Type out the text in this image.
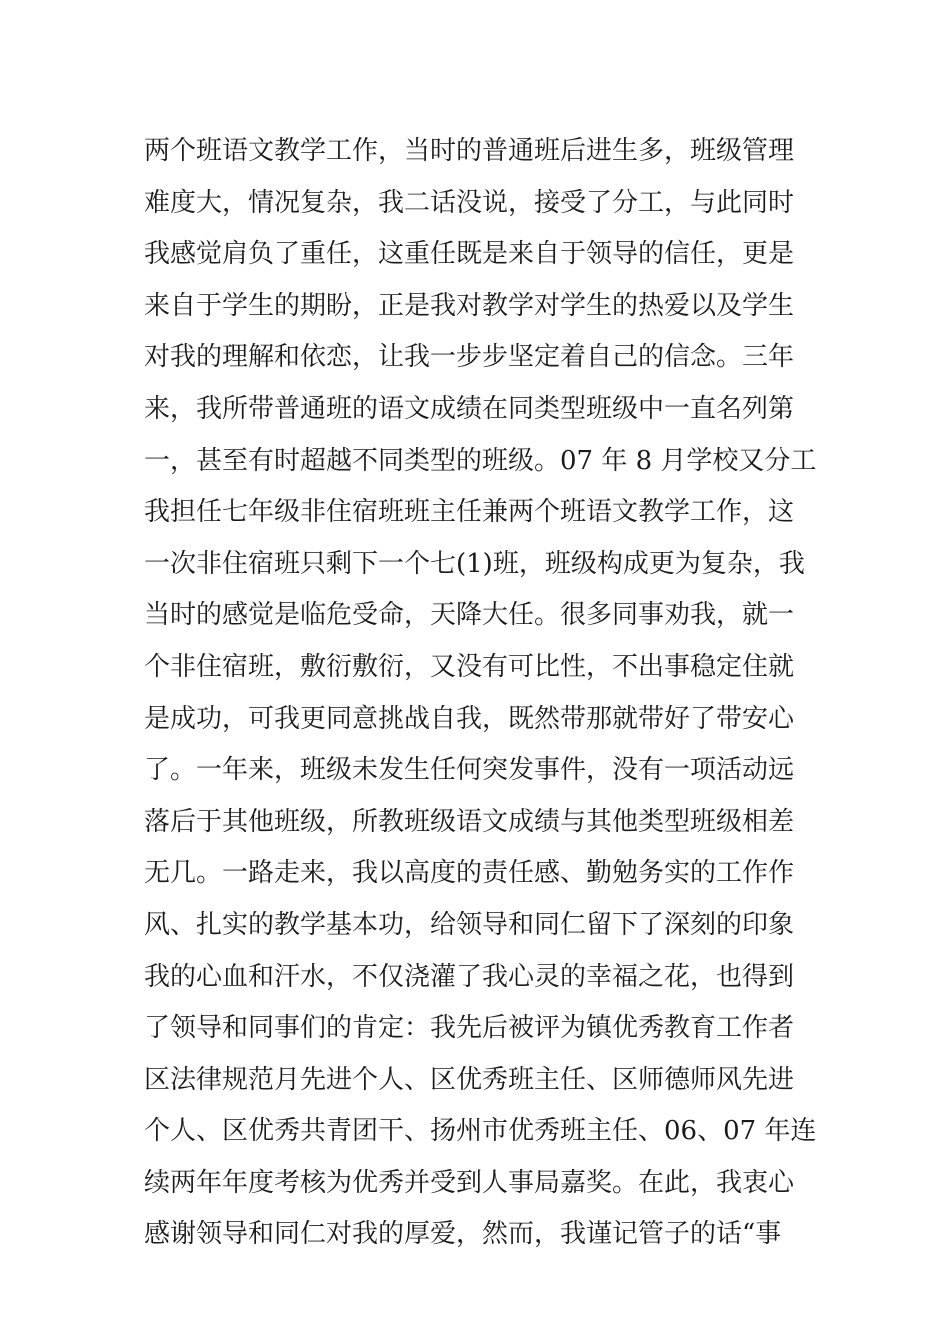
两个班语文教学工作，当时的普通班后进生多，班级管理
难度大，情况复杂，我二话没说，接受了分工，与此同时
我感觉肩负了重任，这重任既是来自于领导的信任，更是
来自于学生的期盼，正是我对教学对学生的热爱以及学生
对我的理解和依恋，让我一步步坚定着自己的信念。三年
来，我所带普通班的语文成绩在同类型班级中一直名列第
一，甚至有时超越不同类型的班级。07 年 8 月学校又分工
我担任七年级非住宿班班主任兼两个班语文教学工作，这
一次非住宿班只剩下一个七(1)班，班级构成更为复杂，我
当时的感觉是临危受命，天降大任。很多同事劝我，就一
个非住宿班，敷衍敷衍，又没有可比性，不出事稳定住就
是成功，可我更同意挑战自我，既然带那就带好了带安心
了。一年来，班级未发生任何突发事件，没有一项活动远
落后于其他班级，所教班级语文成绩与其他类型班级相差
无几。一路走来，我以高度的责任感、勤勉务实的工作作
风、扎实的教学基本功，给领导和同仁留下了深刻的印象
我的心血和汗水，不仅浇灌了我心灵的幸福之花，也得到
了领导和同事们的肯定：我先后被评为镇优秀教育工作者
区法律规范月先进个人、区优秀班主任、区师德师风先进
个人、区优秀共青团干、扬州市优秀班主任、06、07 年连
续两年年度考核为优秀并受到人事局嘉奖。在此，我衷心
感谢领导和同仁对我的厚爱，然而，我谨记管子的话“事
